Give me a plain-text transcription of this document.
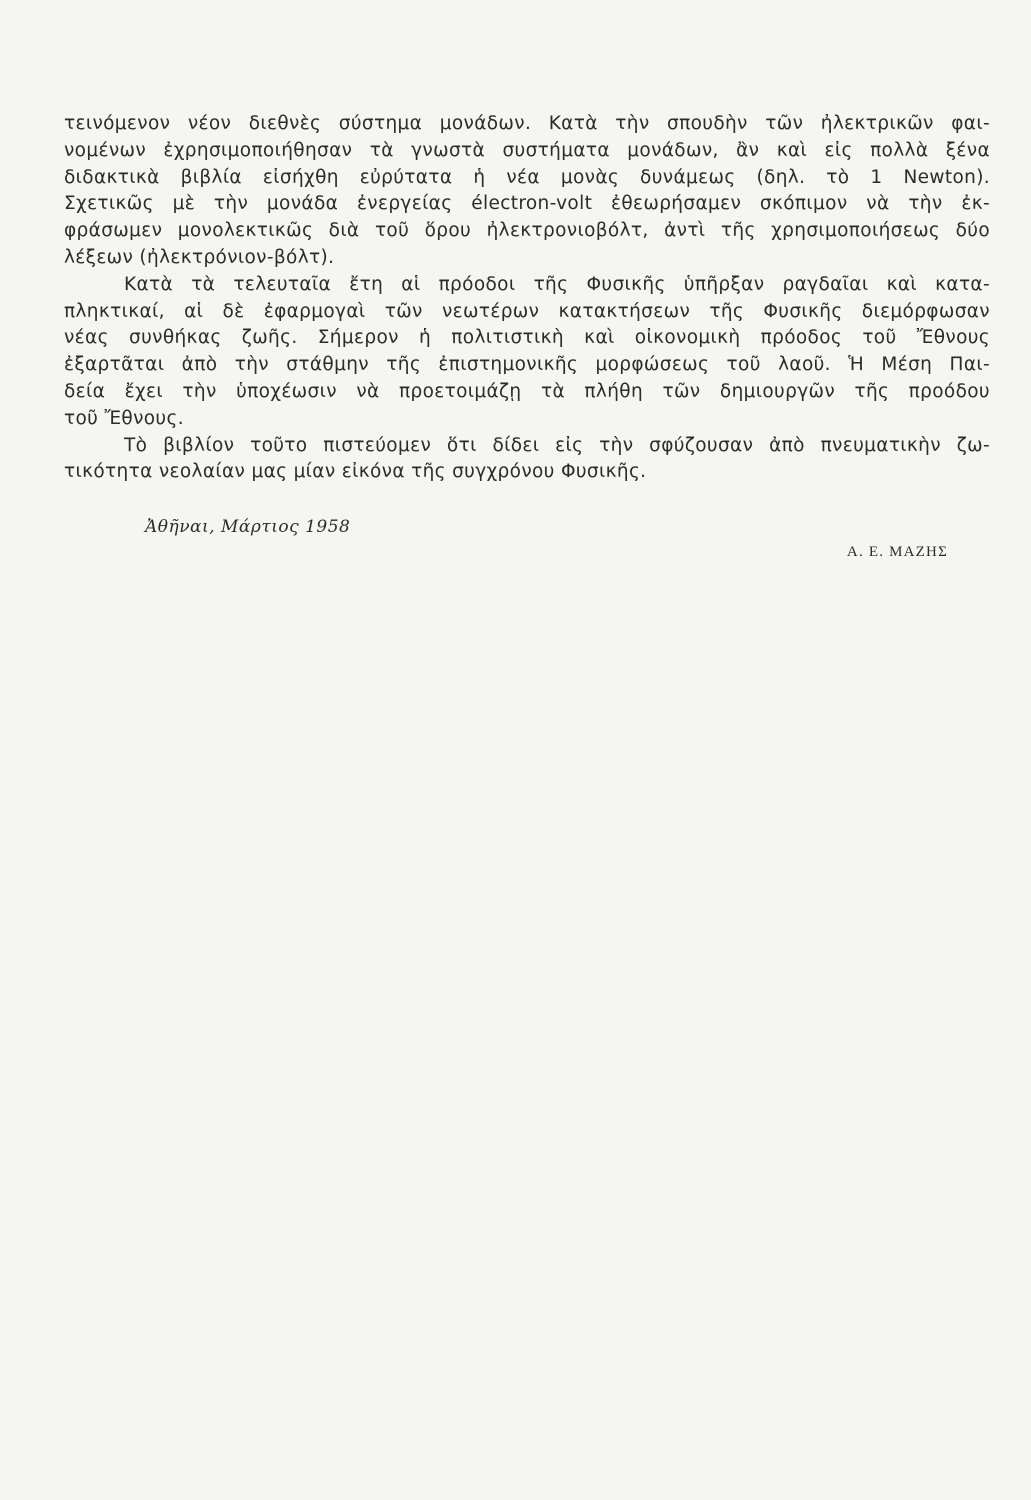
τεινόμενον νέον διεθνὲς σύστημα μονάδων. Κατὰ τὴν σπουδὴν τῶν ἠλεκτρικῶν φαι-
νομένων ἐχρησιμοποιήθησαν τὰ γνωστὰ συστήματα μονάδων, ἂν καὶ εἰς πολλὰ ξένα
διδακτικὰ βιβλία εἰσήχθη εὐρύτατα ἡ νέα μονὰς δυνάμεως (δηλ. τὸ 1 Newton).
Σχετικῶς μὲ τὴν μονάδα ἐνεργείας électron-volt ἐθεωρήσαμεν σκόπιμον νὰ τὴν ἐκ-
φράσωμεν μονολεκτικῶς διὰ τοῦ ὅρου ἠλεκτρονιοβόλτ, ἀντὶ τῆς χρησιμοποιήσεως δύο
λέξεων (ἠλεκτρόνιον-βόλτ).
Κατὰ τὰ τελευταῖα ἔτη αἱ πρόοδοι τῆς Φυσικῆς ὑπῆρξαν ραγδαῖαι καὶ κατα-
πληκτικαί, αἱ δὲ ἐφαρμογαὶ τῶν νεωτέρων κατακτήσεων τῆς Φυσικῆς διεμόρφωσαν
νέας συνθήκας ζωῆς. Σήμερον ἡ πολιτιστικὴ καὶ οἰκονομικὴ πρόοδος τοῦ Ἔθνους
ἐξαρτᾶται ἀπὸ τὴν στάθμην τῆς ἐπιστημονικῆς μορφώσεως τοῦ λαοῦ. Ἡ Μέση Παι-
δεία ἔχει τὴν ὑποχέωσιν νὰ προετοιμάζῃ τὰ πλήθη τῶν δημιουργῶν τῆς προόδου
τοῦ Ἔθνους.
Τὸ βιβλίον τοῦτο πιστεύομεν ὅτι δίδει εἰς τὴν σφύζουσαν ἀπὸ πνευματικὴν ζω-
τικότητα νεολαίαν μας μίαν εἰκόνα τῆς συγχρόνου Φυσικῆς.
Ἀθῆναι, Μάρτιος 1958
Α. Ε. ΜΑΖΗΣ
